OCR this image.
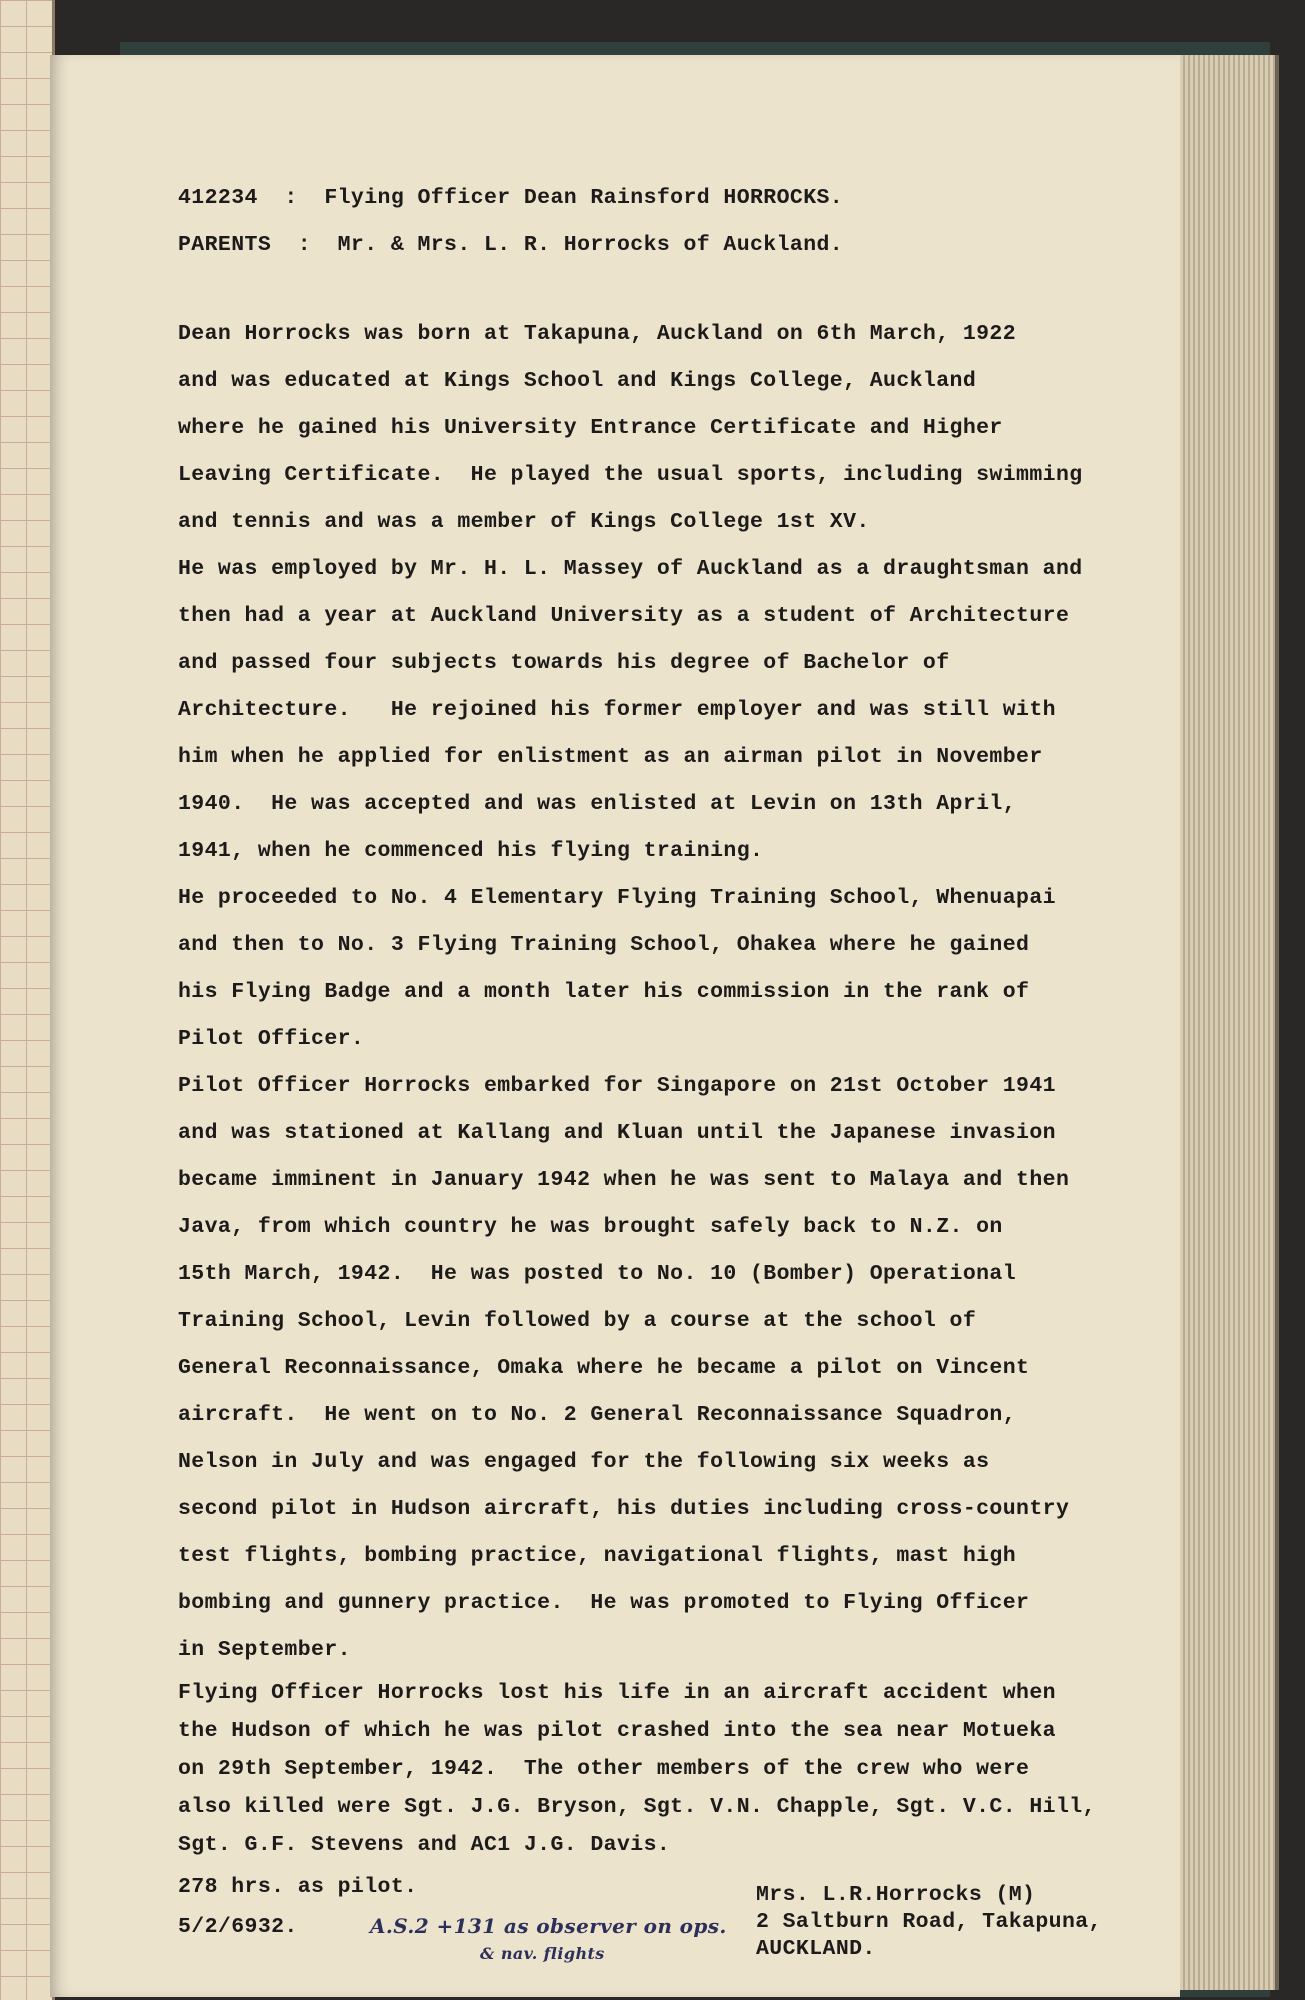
412234  :  Flying Officer Dean Rainsford HORROCKS.

PARENTS  :  Mr. & Mrs. L. R. Horrocks of Auckland.

Dean Horrocks was born at Takapuna, Auckland on 6th March, 1922

and was educated at Kings School and Kings College, Auckland

where he gained his University Entrance Certificate and Higher

Leaving Certificate.  He played the usual sports, including swimming

and tennis and was a member of Kings College 1st XV.

He was employed by Mr. H. L. Massey of Auckland as a draughtsman and

then had a year at Auckland University as a student of Architecture

and passed four subjects towards his degree of Bachelor of

Architecture.   He rejoined his former employer and was still with

him when he applied for enlistment as an airman pilot in November

1940.  He was accepted and was enlisted at Levin on 13th April,

1941, when he commenced his flying training.

He proceeded to No. 4 Elementary Flying Training School, Whenuapai

and then to No. 3 Flying Training School, Ohakea where he gained

his Flying Badge and a month later his commission in the rank of

Pilot Officer.

Pilot Officer Horrocks embarked for Singapore on 21st October 1941

and was stationed at Kallang and Kluan until the Japanese invasion

became imminent in January 1942 when he was sent to Malaya and then

Java, from which country he was brought safely back to N.Z. on

15th March, 1942.  He was posted to No. 10 (Bomber) Operational

Training School, Levin followed by a course at the school of

General Reconnaissance, Omaka where he became a pilot on Vincent

aircraft.  He went on to No. 2 General Reconnaissance Squadron,

Nelson in July and was engaged for the following six weeks as

second pilot in Hudson aircraft, his duties including cross-country

test flights, bombing practice, navigational flights, mast high

bombing and gunnery practice.  He was promoted to Flying Officer

in September.

Flying Officer Horrocks lost his life in an aircraft accident when

the Hudson of which he was pilot crashed into the sea near Motueka

on 29th September, 1942.  The other members of the crew who were

also killed were Sgt. J.G. Bryson, Sgt. V.N. Chapple, Sgt. V.C. Hill,

Sgt. G.F. Stevens and AC1 J.G. Davis.

278 hrs. as pilot.
5/2/6932.	A.S.2 +131 as observer on ops.
& nav. flights
Mrs. L.R.Horrocks (M)
2 Saltburn Road, Takapuna,
AUCKLAND.
